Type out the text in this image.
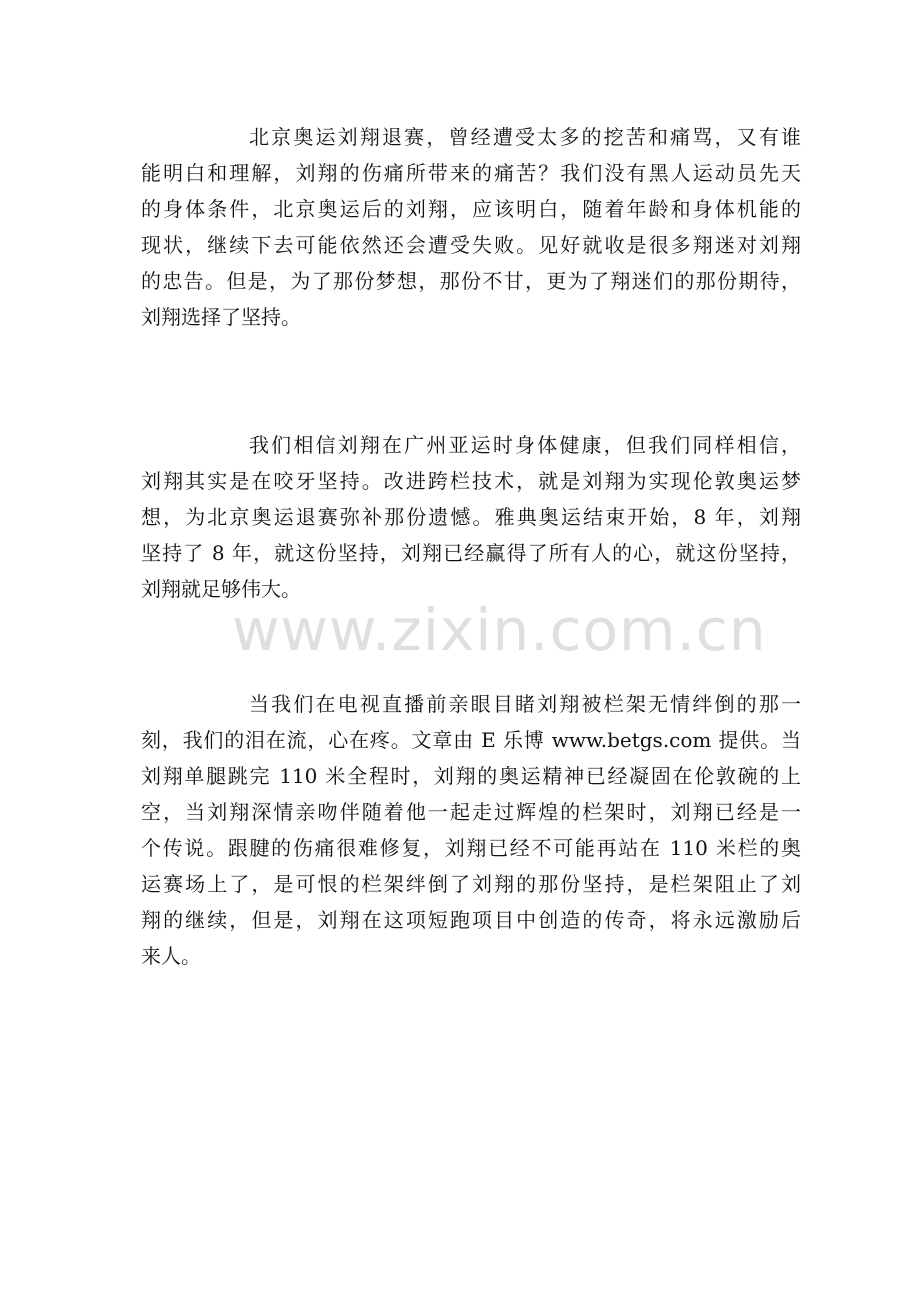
北京奥运刘翔退赛，曾经遭受太多的挖苦和痛骂，又有谁
能明白和理解，刘翔的伤痛所带来的痛苦？我们没有黑人运动员先天
的身体条件，北京奥运后的刘翔，应该明白，随着年龄和身体机能的
现状，继续下去可能依然还会遭受失败。见好就收是很多翔迷对刘翔
的忠告。但是，为了那份梦想，那份不甘，更为了翔迷们的那份期待，
刘翔选择了坚持。
我们相信刘翔在广州亚运时身体健康，但我们同样相信，
刘翔其实是在咬牙坚持。改进跨栏技术，就是刘翔为实现伦敦奥运梦
想，为北京奥运退赛弥补那份遗憾。雅典奥运结束开始，8 年，刘翔
坚持了 8 年，就这份坚持，刘翔已经赢得了所有人的心，就这份坚持，
刘翔就足够伟大。
当我们在电视直播前亲眼目睹刘翔被栏架无情绊倒的那一
刻，我们的泪在流，心在疼。文章由 E 乐博 www.betgs.com 提供。当
刘翔单腿跳完 110 米全程时，刘翔的奥运精神已经凝固在伦敦碗的上
空，当刘翔深情亲吻伴随着他一起走过辉煌的栏架时，刘翔已经是一
个传说。跟腱的伤痛很难修复，刘翔已经不可能再站在 110 米栏的奥
运赛场上了，是可恨的栏架绊倒了刘翔的那份坚持，是栏架阻止了刘
翔的继续，但是，刘翔在这项短跑项目中创造的传奇，将永远激励后
来人。
www.zixin.com.cn
